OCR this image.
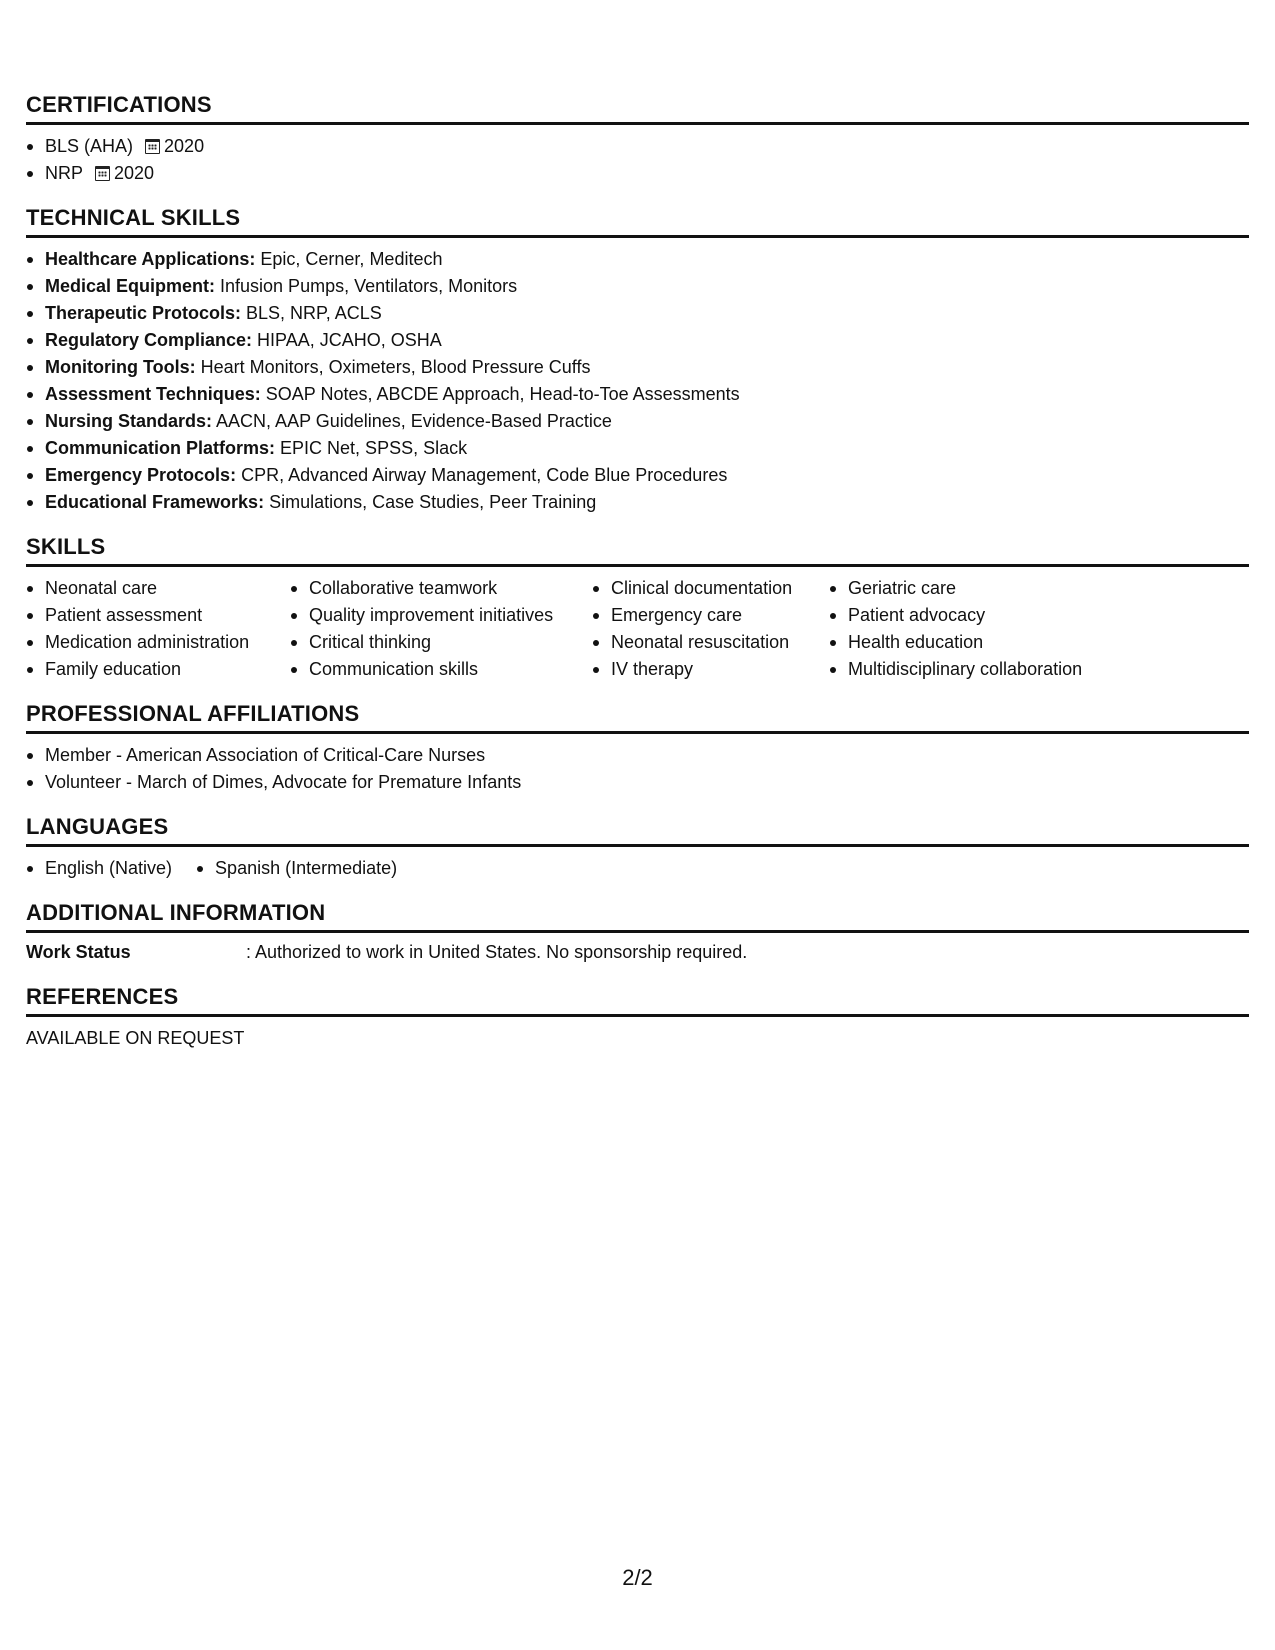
CERTIFICATIONS
BLS (AHA) 2020
NRP 2020
TECHNICAL SKILLS
Healthcare Applications: Epic, Cerner, Meditech
Medical Equipment: Infusion Pumps, Ventilators, Monitors
Therapeutic Protocols: BLS, NRP, ACLS
Regulatory Compliance: HIPAA, JCAHO, OSHA
Monitoring Tools: Heart Monitors, Oximeters, Blood Pressure Cuffs
Assessment Techniques: SOAP Notes, ABCDE Approach, Head-to-Toe Assessments
Nursing Standards: AACN, AAP Guidelines, Evidence-Based Practice
Communication Platforms: EPIC Net, SPSS, Slack
Emergency Protocols: CPR, Advanced Airway Management, Code Blue Procedures
Educational Frameworks: Simulations, Case Studies, Peer Training
SKILLS
Neonatal care
Patient assessment
Medication administration
Family education
Collaborative teamwork
Quality improvement initiatives
Critical thinking
Communication skills
Clinical documentation
Emergency care
Neonatal resuscitation
IV therapy
Geriatric care
Patient advocacy
Health education
Multidisciplinary collaboration
PROFESSIONAL AFFILIATIONS
Member - American Association of Critical-Care Nurses
Volunteer - March of Dimes, Advocate for Premature Infants
LANGUAGES
English (Native)	Spanish (Intermediate)
ADDITIONAL INFORMATION
Work Status	: Authorized to work in United States. No sponsorship required.
REFERENCES
AVAILABLE ON REQUEST
2/2
